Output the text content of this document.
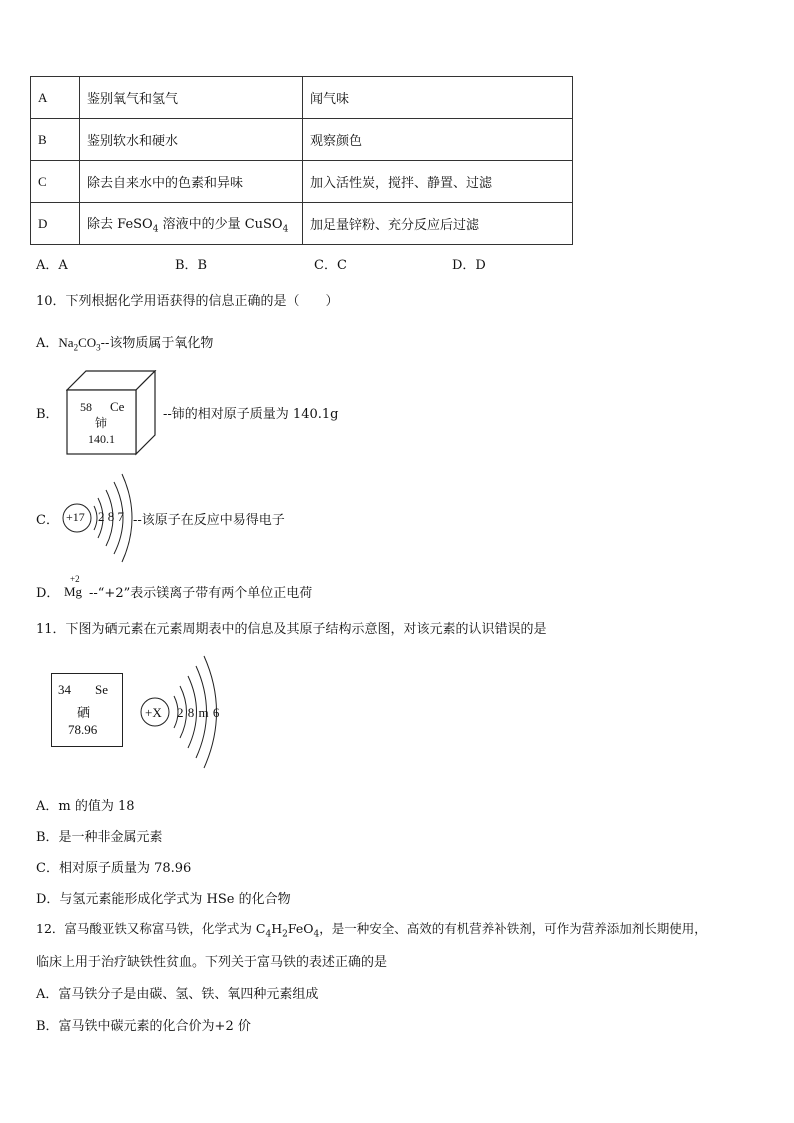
A	鉴别氧气和氢气	闻气味
B	鉴别软水和硬水	观察颜色
C	除去自来水中的色素和异味	加入活性炭，搅拌、静置、过滤
D	除去 FeSO$_4$ 溶液中的少量 CuSO$_4$	加足量锌粉、充分反应后过滤
A．A	B．B	C．C	D．D
10．下列根据化学用语获得的信息正确的是（　　）
A．$Na_2CO_3--$该物质属于氧化物
B． 58 Ce
铈
140.1
--铈的相对原子质量为 140.1g
C． +17 2 8 7 --该原子在反应中易得电子
D．
+2
Mg --“+2”表示镁离子带有两个单位正电荷
11．下图为硒元素在元素周期表中的信息及其原子结构示意图，对该元素的认识错误的是
34 Se
硒
78.96
+X 2 8 m 6
A．m 的值为 18
B．是一种非金属元素
C．相对原子质量为 78.96
D．与氢元素能形成化学式为 HSe 的化合物
12．富马酸亚铁又称富马铁，化学式为 $C_4H_2FeO_4$，是一种安全、高效的有机营养补铁剂，可作为营养添加剂长期使用，
临床上用于治疗缺铁性贫血。下列关于富马铁的表述正确的是
A．富马铁分子是由碳、氢、铁、氧四种元素组成
B．富马铁中碳元素的化合价为+2 价
